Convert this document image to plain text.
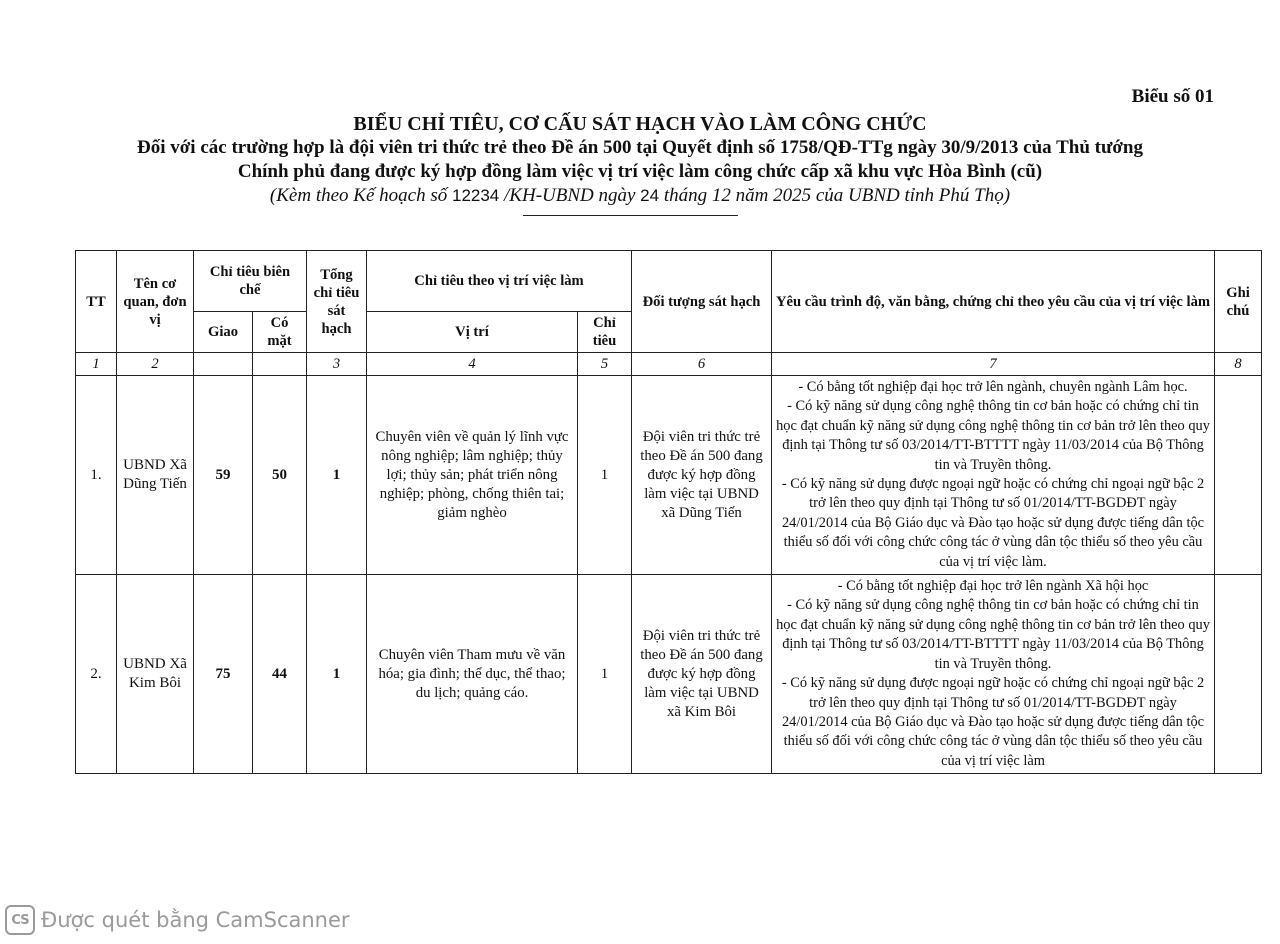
Biểu số 01
BIỂU CHỈ TIÊU, CƠ CẤU SÁT HẠCH VÀO LÀM CÔNG CHỨC
Đối với các trường hợp là đội viên tri thức trẻ theo Đề án 500 tại Quyết định số 1758/QĐ-TTg ngày 30/9/2013 của Thủ tướng
Chính phủ đang được ký hợp đồng làm việc vị trí việc làm công chức cấp xã khu vực Hòa Bình (cũ)
(Kèm theo Kế hoạch số 12234 /KH-UBND ngày 24 tháng 12 năm 2025 của UBND tỉnh Phú Thọ)
TT	Tên cơ quan, đơn vị	Chỉ tiêu biên chế		Tổng chỉ tiêu sát hạch	Chỉ tiêu theo vị trí việc làm		Đối tượng sát hạch	Yêu cầu trình độ, văn bằng, chứng chỉ theo yêu cầu của vị trí việc làm	Ghi chú
		Giao	Có mặt		Vị trí	Chỉ tiêu			
1	2			3	4	5	6	7	8
1.	UBND Xã Dũng Tiến	59	50	1	Chuyên viên về quản lý lĩnh vực nông nghiệp; lâm nghiệp; thủy lợi; thủy sản; phát triển nông nghiệp; phòng, chống thiên tai; giảm nghèo	1	Đội viên tri thức trẻ theo Đề án 500 đang được ký hợp đồng làm việc tại UBND xã Dũng Tiến	- Có bằng tốt nghiệp đại học trở lên ngành, chuyên ngành Lâm học.

- Có kỹ năng sử dụng công nghệ thông tin cơ bản hoặc có chứng chỉ tin học đạt chuẩn kỹ năng sử dụng công nghệ thông tin cơ bản trở lên theo quy định tại Thông tư số 03/2014/TT-BTTTT ngày 11/03/2014 của Bộ Thông tin và Truyền thông.

- Có kỹ năng sử dụng được ngoại ngữ hoặc có chứng chỉ ngoại ngữ bậc 2 trở lên theo quy định tại Thông tư số 01/2014/TT-BGDĐT ngày 24/01/2014 của Bộ Giáo dục và Đào tạo hoặc sử dụng được tiếng dân tộc thiểu số đối với công chức công tác ở vùng dân tộc thiểu số theo yêu cầu của vị trí việc làm.	

2.	UBND Xã Kim Bôi	75	44	1	Chuyên viên Tham mưu về văn hóa; gia đình; thể dục, thể thao; du lịch; quảng cáo.	1	Đội viên tri thức trẻ theo Đề án 500 đang được ký hợp đồng làm việc tại UBND xã Kim Bôi	- Có bằng tốt nghiệp đại học trở lên ngành Xã hội học

- Có kỹ năng sử dụng công nghệ thông tin cơ bản hoặc có chứng chỉ tin học đạt chuẩn kỹ năng sử dụng công nghệ thông tin cơ bản trở lên theo quy định tại Thông tư số 03/2014/TT-BTTTT ngày 11/03/2014 của Bộ Thông tin và Truyền thông.

- Có kỹ năng sử dụng được ngoại ngữ hoặc có chứng chỉ ngoại ngữ bậc 2 trở lên theo quy định tại Thông tư số 01/2014/TT-BGDĐT ngày 24/01/2014 của Bộ Giáo dục và Đào tạo hoặc sử dụng được tiếng dân tộc thiểu số đối với công chức công tác ở vùng dân tộc thiểu số theo yêu cầu của vị trí việc làm	

CS Được quét bằng CamScanner
